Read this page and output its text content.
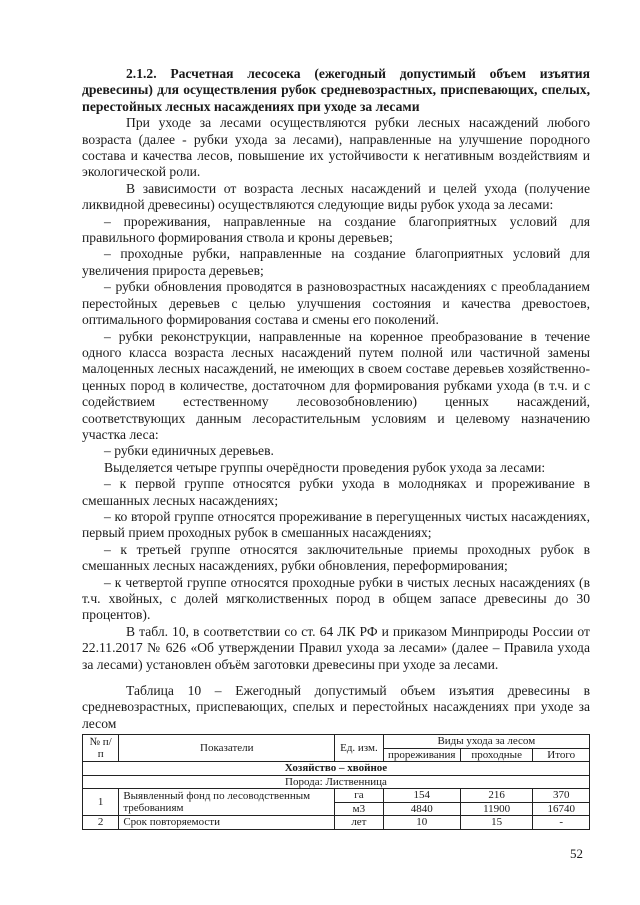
2.1.2. Расчетная лесосека (ежегодный допустимый объем изъятия древесины) для осуществления рубок средневозрастных, приспевающих, спелых, перестойных лесных насаждениях при уходе за лесами

При уходе за лесами осуществляются рубки лесных насаждений любого возраста (далее - рубки ухода за лесами), направленные на улучшение породного состава и качества лесов, повышение их устойчивости к негативным воздействиям и экологической роли.

В зависимости от возраста лесных насаждений и целей ухода (получение ликвидной древесины) осуществляются следующие виды рубок ухода за лесами:

– прореживания, направленные на создание благоприятных условий для правильного формирования ствола и кроны деревьев;

– проходные рубки, направленные на создание благоприятных условий для увеличения прироста деревьев;

– рубки обновления проводятся в разновозрастных насаждениях с преобладанием перестойных деревьев с целью улучшения состояния и качества древостоев, оптимального формирования состава и смены его поколений.

– рубки реконструкции, направленные на коренное преобразование в течение одного класса возраста лесных насаждений путем полной или частичной замены малоценных лесных насаждений, не имеющих в своем составе деревьев хозяйственно-ценных пород в количестве, достаточном для формирования рубками ухода (в т.ч. и с содействием естественному лесовозобновлению) ценных насаждений, соответствующих данным лесорастительным условиям и целевому назначению участка леса:

– рубки единичных деревьев.

Выделяется четыре группы очерёдности проведения рубок ухода за лесами:

– к первой группе относятся рубки ухода в молодняках и прореживание в смешанных лесных насаждениях;

– ко второй группе относятся прореживание в перегущенных чистых насаждениях, первый прием проходных рубок в смешанных насаждениях;

– к третьей группе относятся заключительные приемы проходных рубок в смешанных лесных насаждениях, рубки обновления, переформирования;

– к четвертой группе относятся проходные рубки в чистых лесных насаждениях (в т.ч. хвойных, с долей мягколиственных пород в общем запасе древесины до 30 процентов).

В табл. 10, в соответствии со ст. 64 ЛК РФ и приказом Минприроды России от 22.11.2017 № 626 «Об утверждении Правил ухода за лесами» (далее – Правила ухода за лесами) установлен объём заготовки древесины при уходе за лесами.

Таблица 10 – Ежегодный допустимый объем изъятия древесины в средневозрастных, приспевающих, спелых и перестойных насаждениях при уходе за лесом

№ п/п	Показатели	Ед. изм.	Виды ухода за лесом		
			прореживания	проходные	Итого
Хозяйство – хвойное					
Порода: Лиственница					
1	Выявленный фонд по лесоводственным требованиям	га	154	216	370
		м3	4840	11900	16740
2	Срок повторяемости	лет	10	15	-
52
